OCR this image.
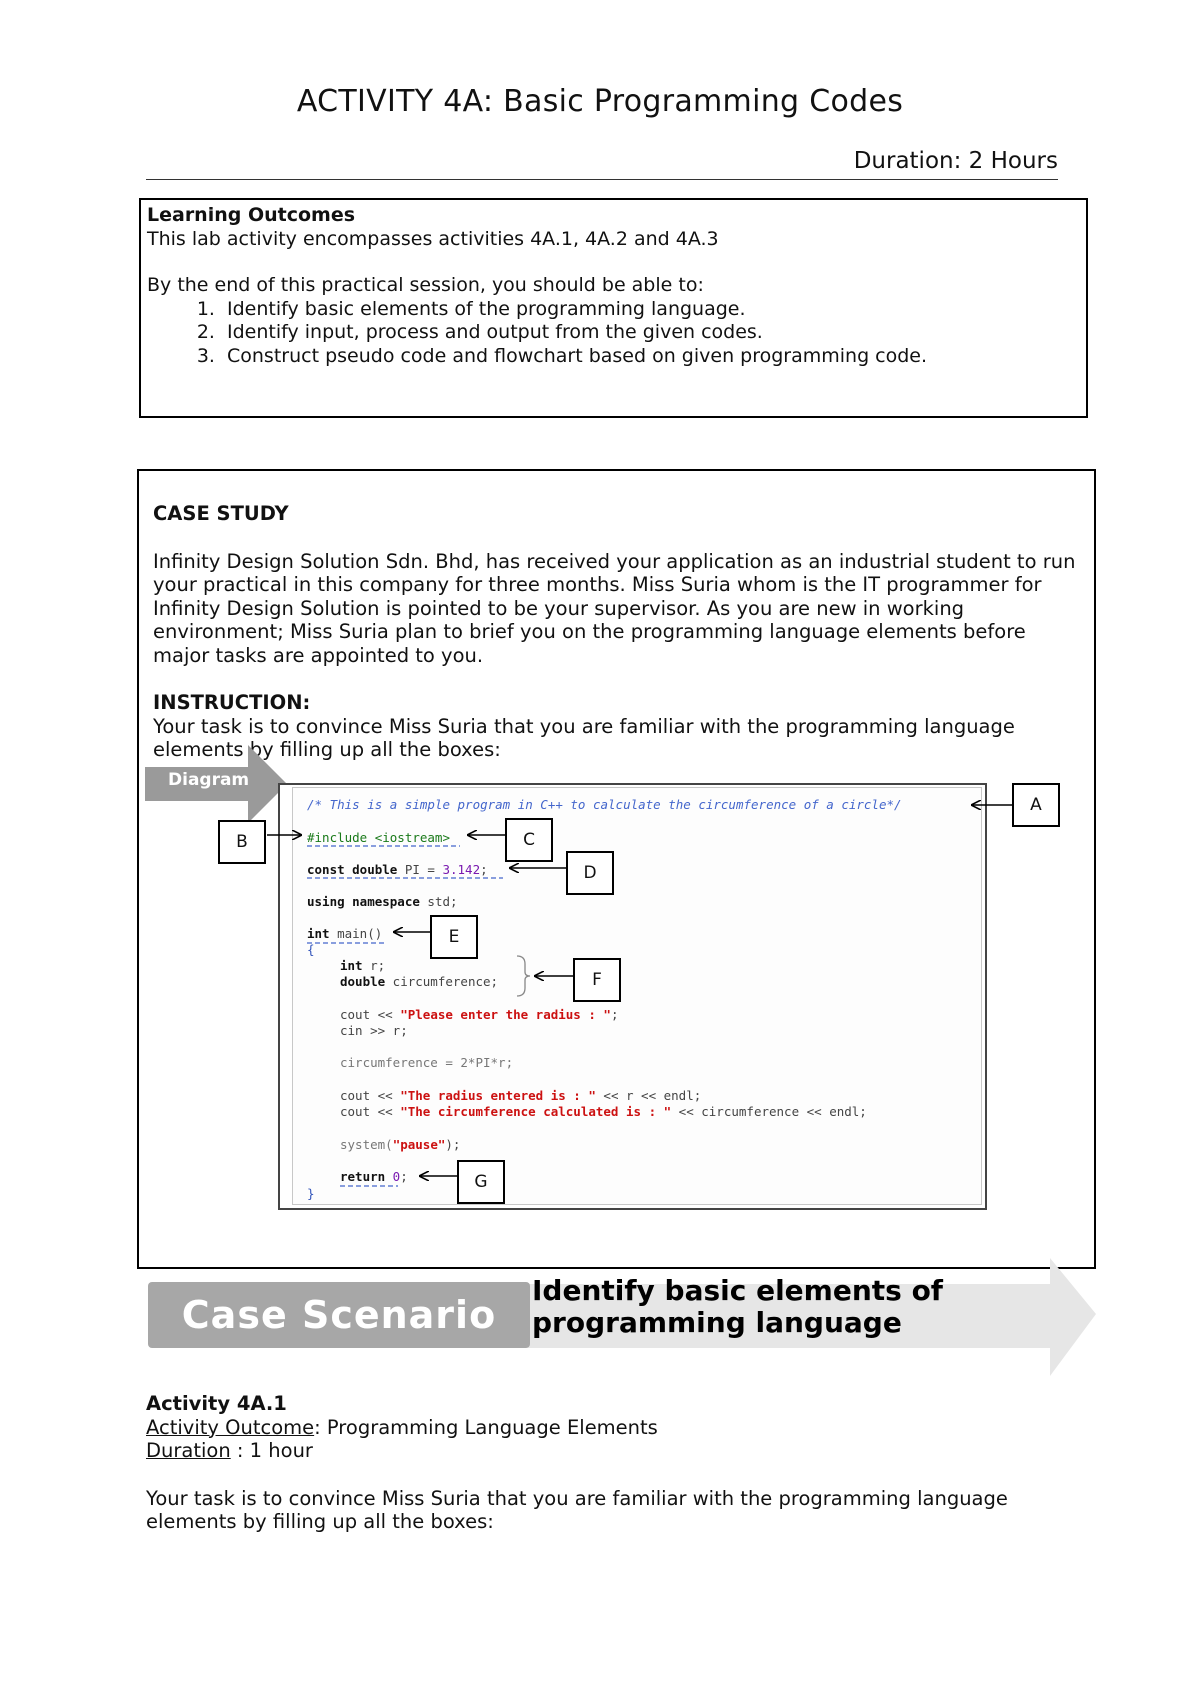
ACTIVITY 4A: Basic Programming Codes
Duration: 2 Hours
Learning Outcomes
This lab activity encompasses activities 4A.1, 4A.2 and 4A.3
By the end of this practical session, you should be able to:
1. Identify basic elements of the programming language.
2. Identify input, process and output from the given codes.
3. Construct pseudo code and flowchart based on given programming code.

CASE STUDY

Infinity Design Solution Sdn. Bhd, has received your application as an industrial student to run your practical in this company for three months. Miss Suria whom is the IT programmer for Infinity Design Solution is pointed to be your supervisor. As you are new in working environment; Miss Suria plan to brief you on the programming language elements before major tasks are appointed to you.

INSTRUCTION:

Your task is to convince Miss Suria that you are familiar with the programming language elements by filling up all the boxes:

Diagram
/* This is a simple program in C++ to calculate the circumference of a circle*/
#include <iostream>
const double PI = 3.142;
using namespace std;
int main()
{
int r;
double circumference;
cout << "Please enter the radius : ";
cin >> r;
circumference = 2*PI*r;
cout << "The radius entered is : " << r << endl;
cout << "The circumference calculated is : " << circumference << endl;
system("pause");
return 0;
}
A
B	C
D
E
F
G
Case Scenario
Identify basic elements of programming language

Activity 4A.1

Activity Outcome: Programming Language Elements

Duration : 1 hour

Your task is to convince Miss Suria that you are familiar with the programming language elements by filling up all the boxes:
